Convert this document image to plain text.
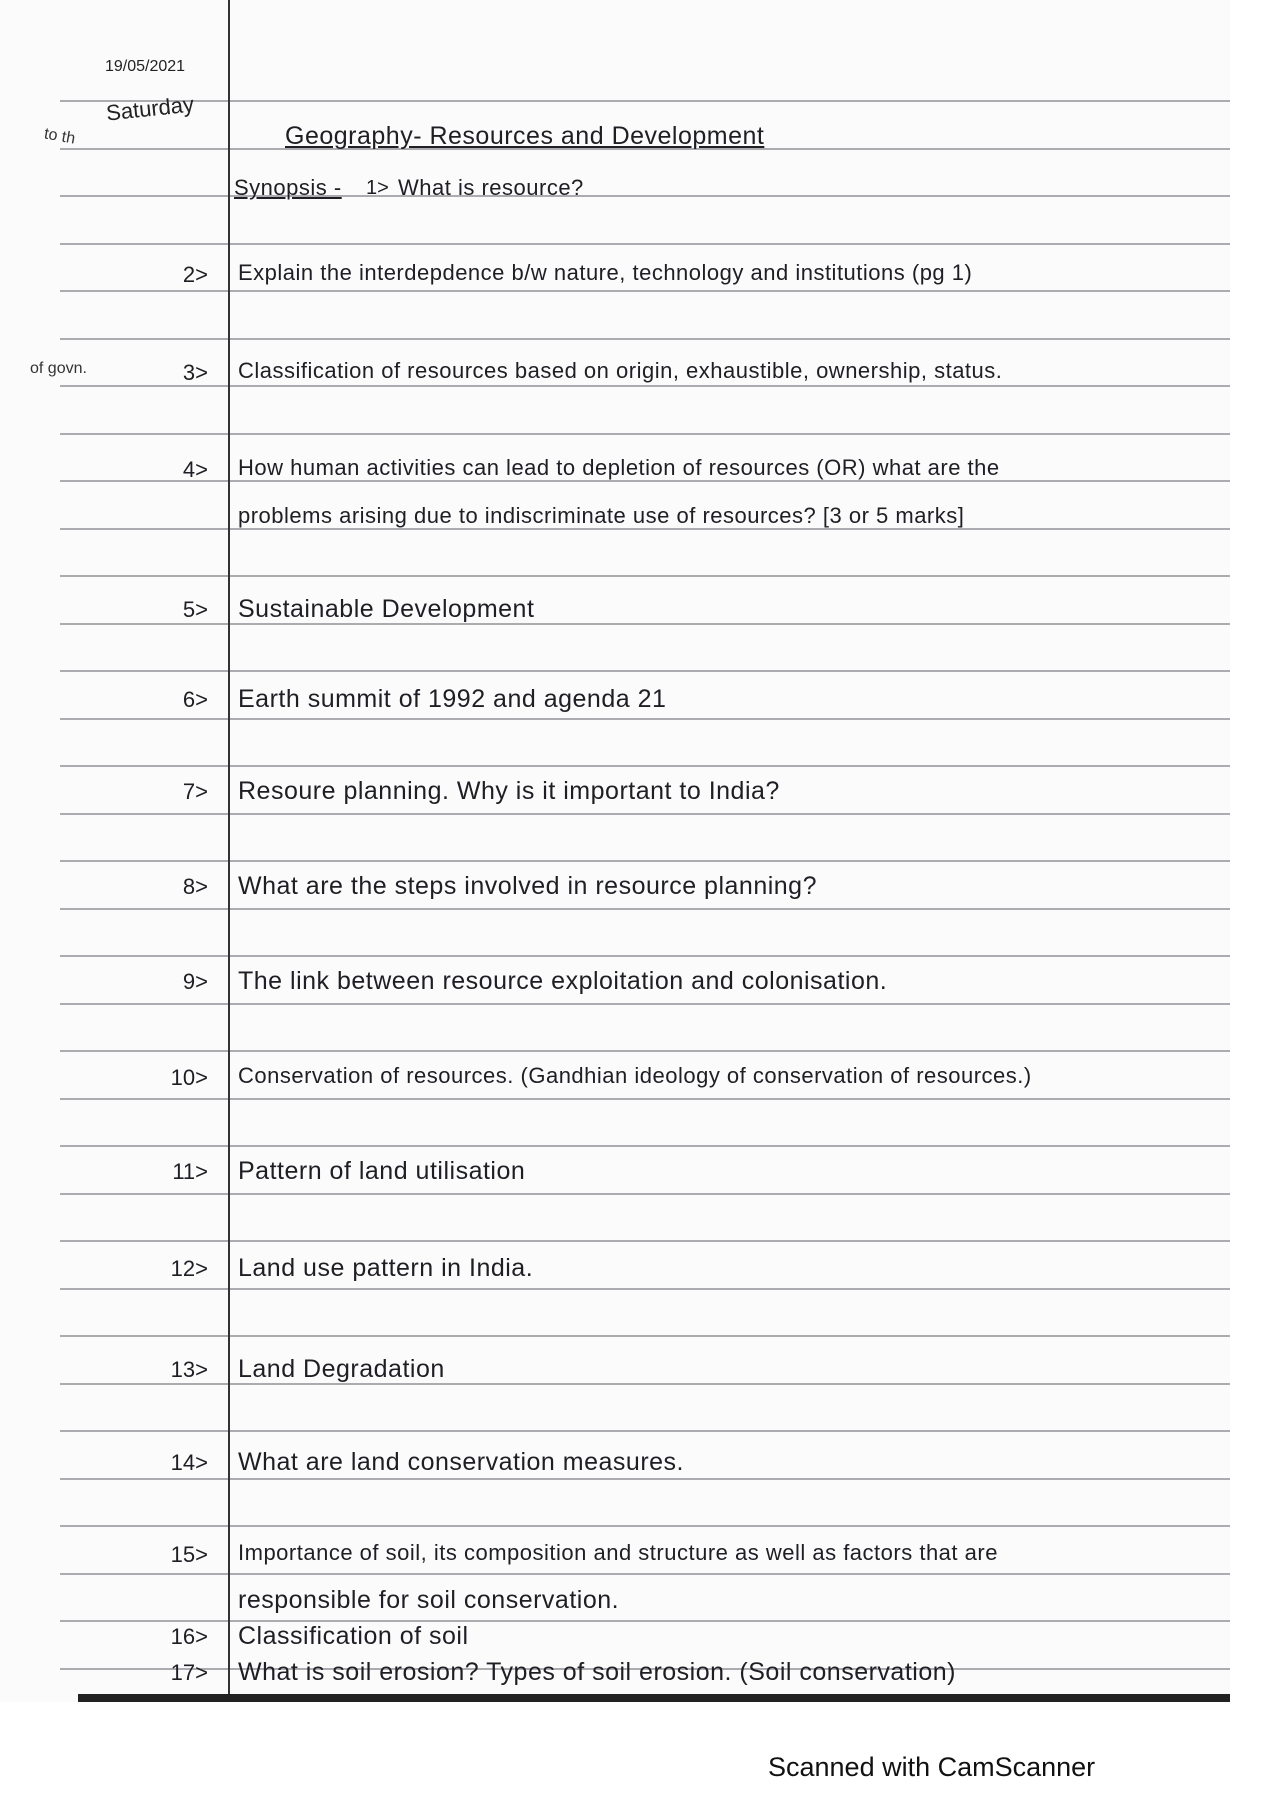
19/05/2021
Saturday
to th
of govn.
Geography- Resources and Development
Synopsis - 1> What is resource?
2> Explain the interdepdence b/w nature, technology and institutions (pg 1)
3> Classification of resources based on origin, exhaustible, ownership, status.
4> How human activities can lead to depletion of resources (OR) what are the
problems arising due to indiscriminate use of resources? [3 or 5 marks]
5> Sustainable Development
6> Earth summit of 1992 and agenda 21
7> Resoure planning. Why is it important to India?
8> What are the steps involved in resource planning?
9> The link between resource exploitation and colonisation.
10> Conservation of resources. (Gandhian ideology of conservation of resources.)
11> Pattern of land utilisation
12> Land use pattern in India.
13> Land Degradation
14> What are land conservation measures.
15> Importance of soil, its composition and structure as well as factors that are
responsible for soil conservation.
16> Classification of soil
17> What is soil erosion? Types of soil erosion. (Soil conservation)
Scanned with CamScanner
